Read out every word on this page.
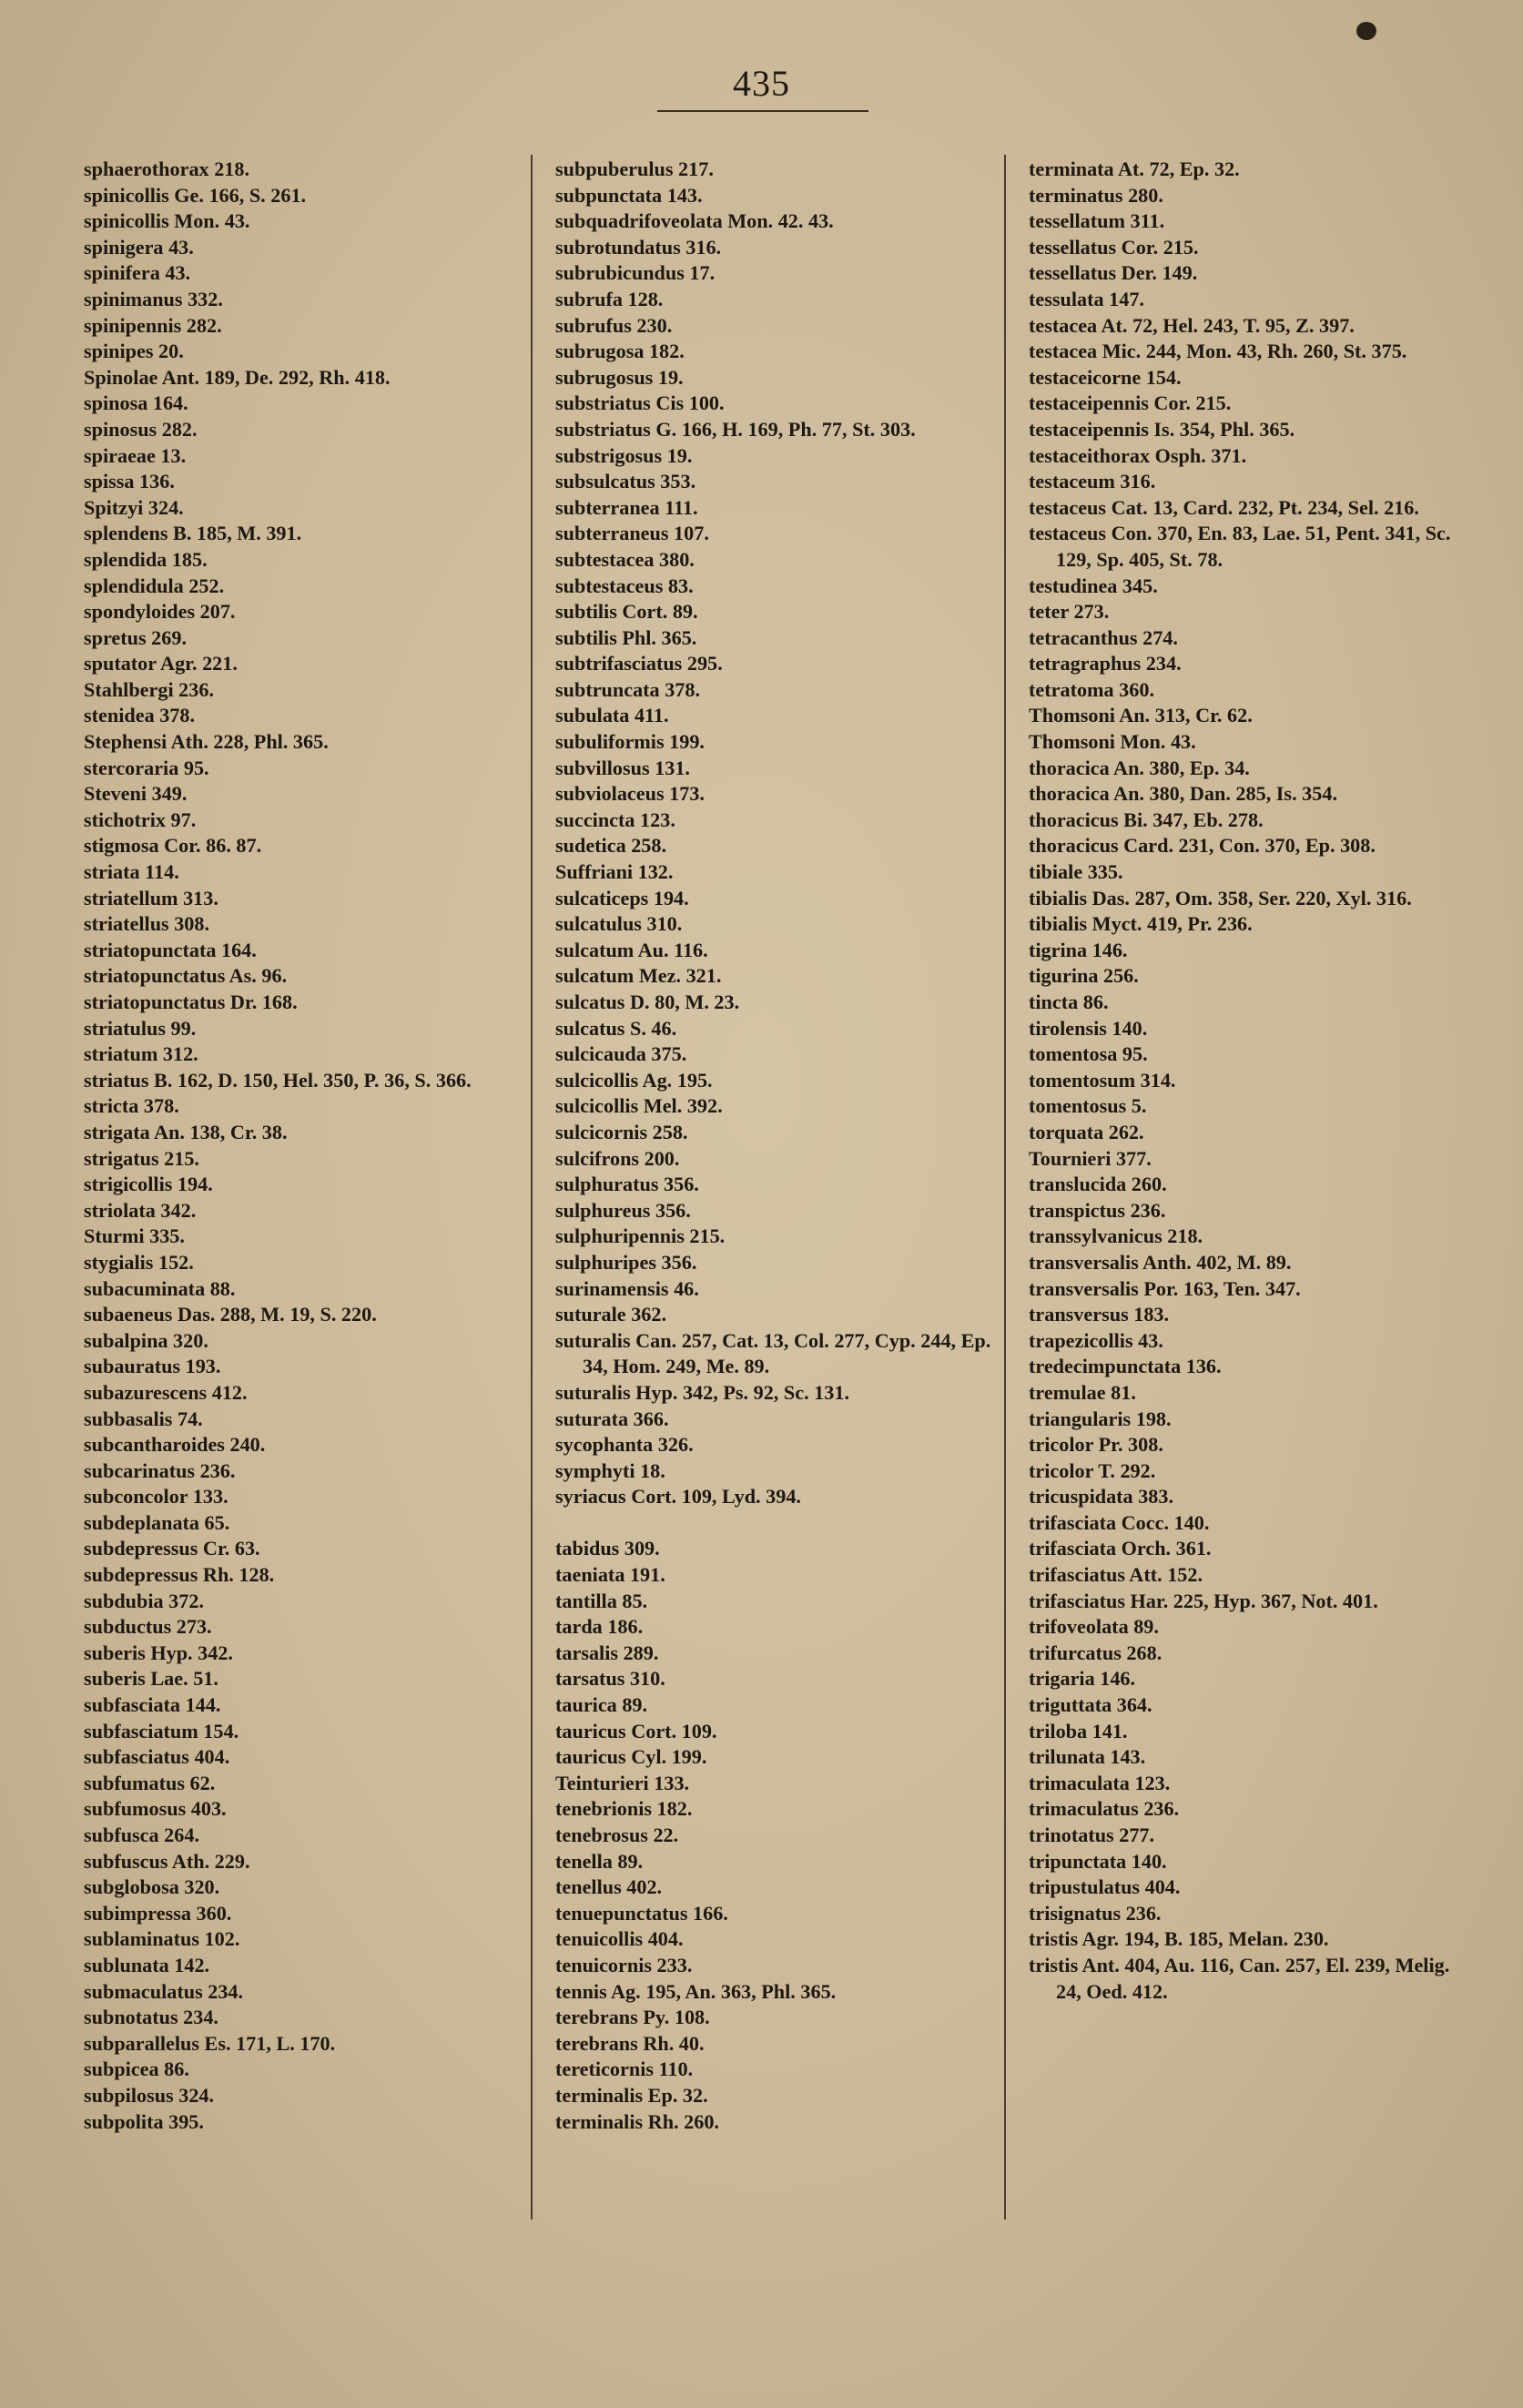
435
sphaerothorax 218.
spinicollis Ge. 166, S. 261.
spinicollis Mon. 43.
spinigera 43.
spinifera 43.
spinimanus 332.
spinipennis 282.
spinipes 20.
Spinolae Ant. 189, De. 292, Rh. 418.
spinosa 164.
spinosus 282.
spiraeae 13.
spissa 136.
Spitzyi 324.
splendens B. 185, M. 391.
splendida 185.
splendidula 252.
spondyloides 207.
spretus 269.
sputator Agr. 221.
Stahlbergi 236.
stenidea 378.
Stephensi Ath. 228, Phl. 365.
stercoraria 95.
Steveni 349.
stichotrix 97.
stigmosa Cor. 86. 87.
striata 114.
striatellum 313.
striatellus 308.
striatopunctata 164.
striatopunctatus As. 96.
striatopunctatus Dr. 168.
striatulus 99.
striatum 312.
striatus B. 162, D. 150, Hel. 350, P. 36, S. 366.
stricta 378.
strigata An. 138, Cr. 38.
strigatus 215.
strigicollis 194.
striolata 342.
Sturmi 335.
stygialis 152.
subacuminata 88.
subaeneus Das. 288, M. 19, S. 220.
subalpina 320.
subauratus 193.
subazurescens 412.
subbasalis 74.
subcantharoides 240.
subcarinatus 236.
subconcolor 133.
subdeplanata 65.
subdepressus Cr. 63.
subdepressus Rh. 128.
subdubia 372.
subductus 273.
suberis Hyp. 342.
suberis Lae. 51.
subfasciata 144.
subfasciatum 154.
subfasciatus 404.
subfumatus 62.
subfumosus 403.
subfusca 264.
subfuscus Ath. 229.
subglobosa 320.
subimpressa 360.
sublaminatus 102.
sublunata 142.
submaculatus 234.
subnotatus 234.
subparallelus Es. 171, L. 170.
subpicea 86.
subpilosus 324.
subpolita 395.
subpuberulus 217.
subpunctata 143.
subquadrifoveolata Mon. 42. 43.
subrotundatus 316.
subrubicundus 17.
subrufa 128.
subrufus 230.
subrugosa 182.
subrugosus 19.
substriatus Cis 100.
substriatus G. 166, H. 169, Ph. 77, St. 303.
substrigosus 19.
subsulcatus 353.
subterranea 111.
subterraneus 107.
subtestacea 380.
subtestaceus 83.
subtilis Cort. 89.
subtilis Phl. 365.
subtrifasciatus 295.
subtruncata 378.
subulata 411.
subuliformis 199.
subvillosus 131.
subviolaceus 173.
succincta 123.
sudetica 258.
Suffriani 132.
sulcaticeps 194.
sulcatulus 310.
sulcatum Au. 116.
sulcatum Mez. 321.
sulcatus D. 80, M. 23.
sulcatus S. 46.
sulcicauda 375.
sulcicollis Ag. 195.
sulcicollis Mel. 392.
sulcicornis 258.
sulcifrons 200.
sulphuratus 356.
sulphureus 356.
sulphuripennis 215.
sulphuripes 356.
surinamensis 46.
suturale 362.
suturalis Can. 257, Cat. 13, Col. 277, Cyp. 244, Ep. 34, Hom. 249, Me. 89.
suturalis Hyp. 342, Ps. 92, Sc. 131.
suturata 366.
sycophanta 326.
symphyti 18.
syriacus Cort. 109, Lyd. 394.
tabidus 309.
taeniata 191.
tantilla 85.
tarda 186.
tarsalis 289.
tarsatus 310.
taurica 89.
tauricus Cort. 109.
tauricus Cyl. 199.
Teinturieri 133.
tenebrionis 182.
tenebrosus 22.
tenella 89.
tenellus 402.
tenuepunctatus 166.
tenuicollis 404.
tenuicornis 233.
tennis Ag. 195, An. 363, Phl. 365.
terebrans Py. 108.
terebrans Rh. 40.
tereticornis 110.
terminalis Ep. 32.
terminalis Rh. 260.
terminata At. 72, Ep. 32.
terminatus 280.
tessellatum 311.
tessellatus Cor. 215.
tessellatus Der. 149.
tessulata 147.
testacea At. 72, Hel. 243, T. 95, Z. 397.
testacea Mic. 244, Mon. 43, Rh. 260, St. 375.
testaceicorne 154.
testaceipennis Cor. 215.
testaceipennis Is. 354, Phl. 365.
testaceithorax Osph. 371.
testaceum 316.
testaceus Cat. 13, Card. 232, Pt. 234, Sel. 216.
testaceus Con. 370, En. 83, Lae. 51, Pent. 341, Sc. 129, Sp. 405, St. 78.
testudinea 345.
teter 273.
tetracanthus 274.
tetragraphus 234.
tetratoma 360.
Thomsoni An. 313, Cr. 62.
Thomsoni Mon. 43.
thoracica An. 380, Ep. 34.
thoracica An. 380, Dan. 285, Is. 354.
thoracicus Bi. 347, Eb. 278.
thoracicus Card. 231, Con. 370, Ep. 308.
tibiale 335.
tibialis Das. 287, Om. 358, Ser. 220, Xyl. 316.
tibialis Myct. 419, Pr. 236.
tigrina 146.
tigurina 256.
tincta 86.
tirolensis 140.
tomentosa 95.
tomentosum 314.
tomentosus 5.
torquata 262.
Tournieri 377.
translucida 260.
transpictus 236.
transsylvanicus 218.
transversalis Anth. 402, M. 89.
transversalis Por. 163, Ten. 347.
transversus 183.
trapezicollis 43.
tredecimpunctata 136.
tremulae 81.
triangularis 198.
tricolor Pr. 308.
tricolor T. 292.
tricuspidata 383.
trifasciata Cocc. 140.
trifasciata Orch. 361.
trifasciatus Att. 152.
trifasciatus Har. 225, Hyp. 367, Not. 401.
trifoveolata 89.
trifurcatus 268.
trigaria 146.
triguttata 364.
triloba 141.
trilunata 143.
trimaculata 123.
trimaculatus 236.
trinotatus 277.
tripunctata 140.
tripustulatus 404.
trisignatus 236.
tristis Agr. 194, B. 185, Melan. 230.
tristis Ant. 404, Au. 116, Can. 257, El. 239, Melig. 24, Oed. 412.
